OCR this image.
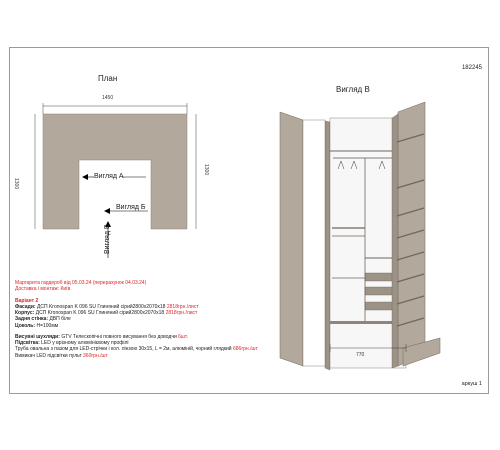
182245
План
Вигляд В
1450
1300
1300
Вигляд А
Вигляд Б
Вигляд В
770
Маргарита гардероб від 05.03.24 (перерахунок 04.03.24)
Доставка і монтаж: Київ
Варіант 2
Фасади: ДСП Kronospan K 096 SU Глиняний сірий2800x2070x18 2818грн./лист
Корпус: ДСП Kronospan K 096 SU Глиняний сірий2800x2070x18 2818грн./лист
Задня стінка: ДВП біле
Цоколь: H=100мм
Висувні шухляди: GTV Телескопічні повного висування без доводчи 6шт.
Підсвітка: LED у врізному алюмінієвому профілі
Труба овальна з пазом для LED-стрічки і кол. лінзою 30x15, L = 2м, алюміній, чорний глядкий 686грн./шт
Вимикач LED підсвітки пульт 360грн./шт
аркуш 1
